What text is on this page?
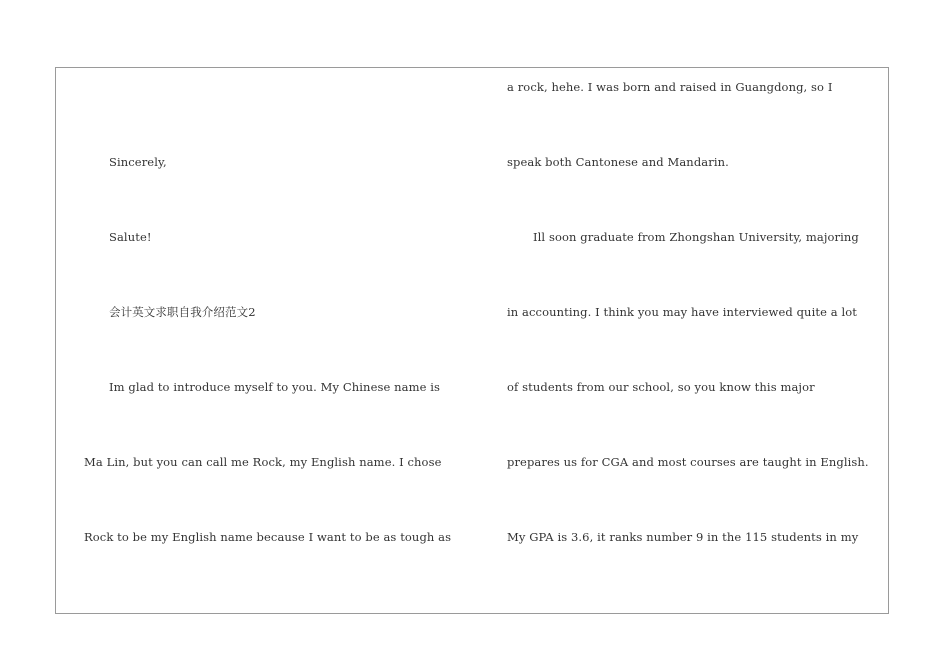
Sincerely,
Salute!
会计英文求职自我介绍范文2
Im glad to introduce myself to you. My Chinese name is
Ma Lin, but you can call me Rock, my English name. I chose
Rock to be my English name because I want to be as tough as
a rock, hehe. I was born and raised in Guangdong, so I
speak both Cantonese and Mandarin.
Ill soon graduate from Zhongshan University, majoring
in accounting. I think you may have interviewed quite a lot
of students from our school, so you know this major
prepares us for CGA and most courses are taught in English.
My GPA is 3.6, it ranks number 9 in the 115 students in my
